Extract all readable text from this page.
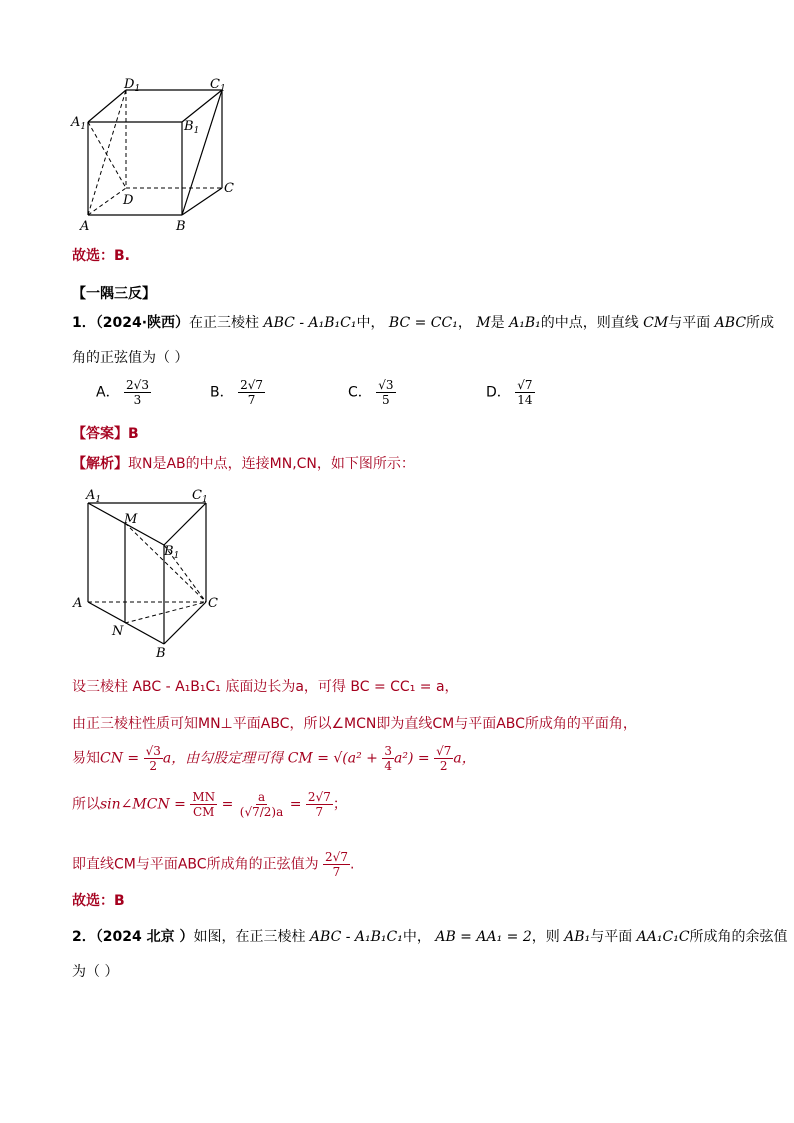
$D_1$	$C_1$
$A_1$	$B_1$
D
C
A	B
故选：B.
【一隅三反】
1．（2024·陕西）在正三棱柱 ABC - A₁B₁C₁中， BC = CC₁， M是 A₁B₁的中点，则直线 CM与平面 ABC所成
角的正弦值为（ ）
A． $\frac{2√3}{3}$	B． $\frac{2√7}{7}$	C． $\frac{√3}{5}$	D． $\frac{√7}{14}$
【答案】B
【解析】取N是AB的中点，连接MN,CN，如下图所示：
$A_1$	$C_1$
M
$B_1$
A	C
N
B
设三棱柱 ABC - A₁B₁C₁ 底面边长为a，可得 BC = CC₁ = a，
由正三棱柱性质可知MN⊥平面ABC，所以∠MCN即为直线CM与平面ABC所成角的平面角，
易知CN = $\frac{√3}{2}$ a，由勾股定理可得 CM = $√(a^2 + \frac{3}{4} a^2) = \frac{√7}{2}$ a，
所以sin∠MCN = $\frac{MN}{CM} = \frac{a}{(√7/2)a} = \frac{2√7}{7}$ ；
即直线CM与平面ABC所成角的正弦值为 $\frac{2√7}{7}$ .
故选：B
2．（2024 北京 ）如图，在正三棱柱 ABC - A₁B₁C₁中， AB = AA₁ = 2，则 AB₁与平面 AA₁C₁C所成角的余弦值
为（ ）
